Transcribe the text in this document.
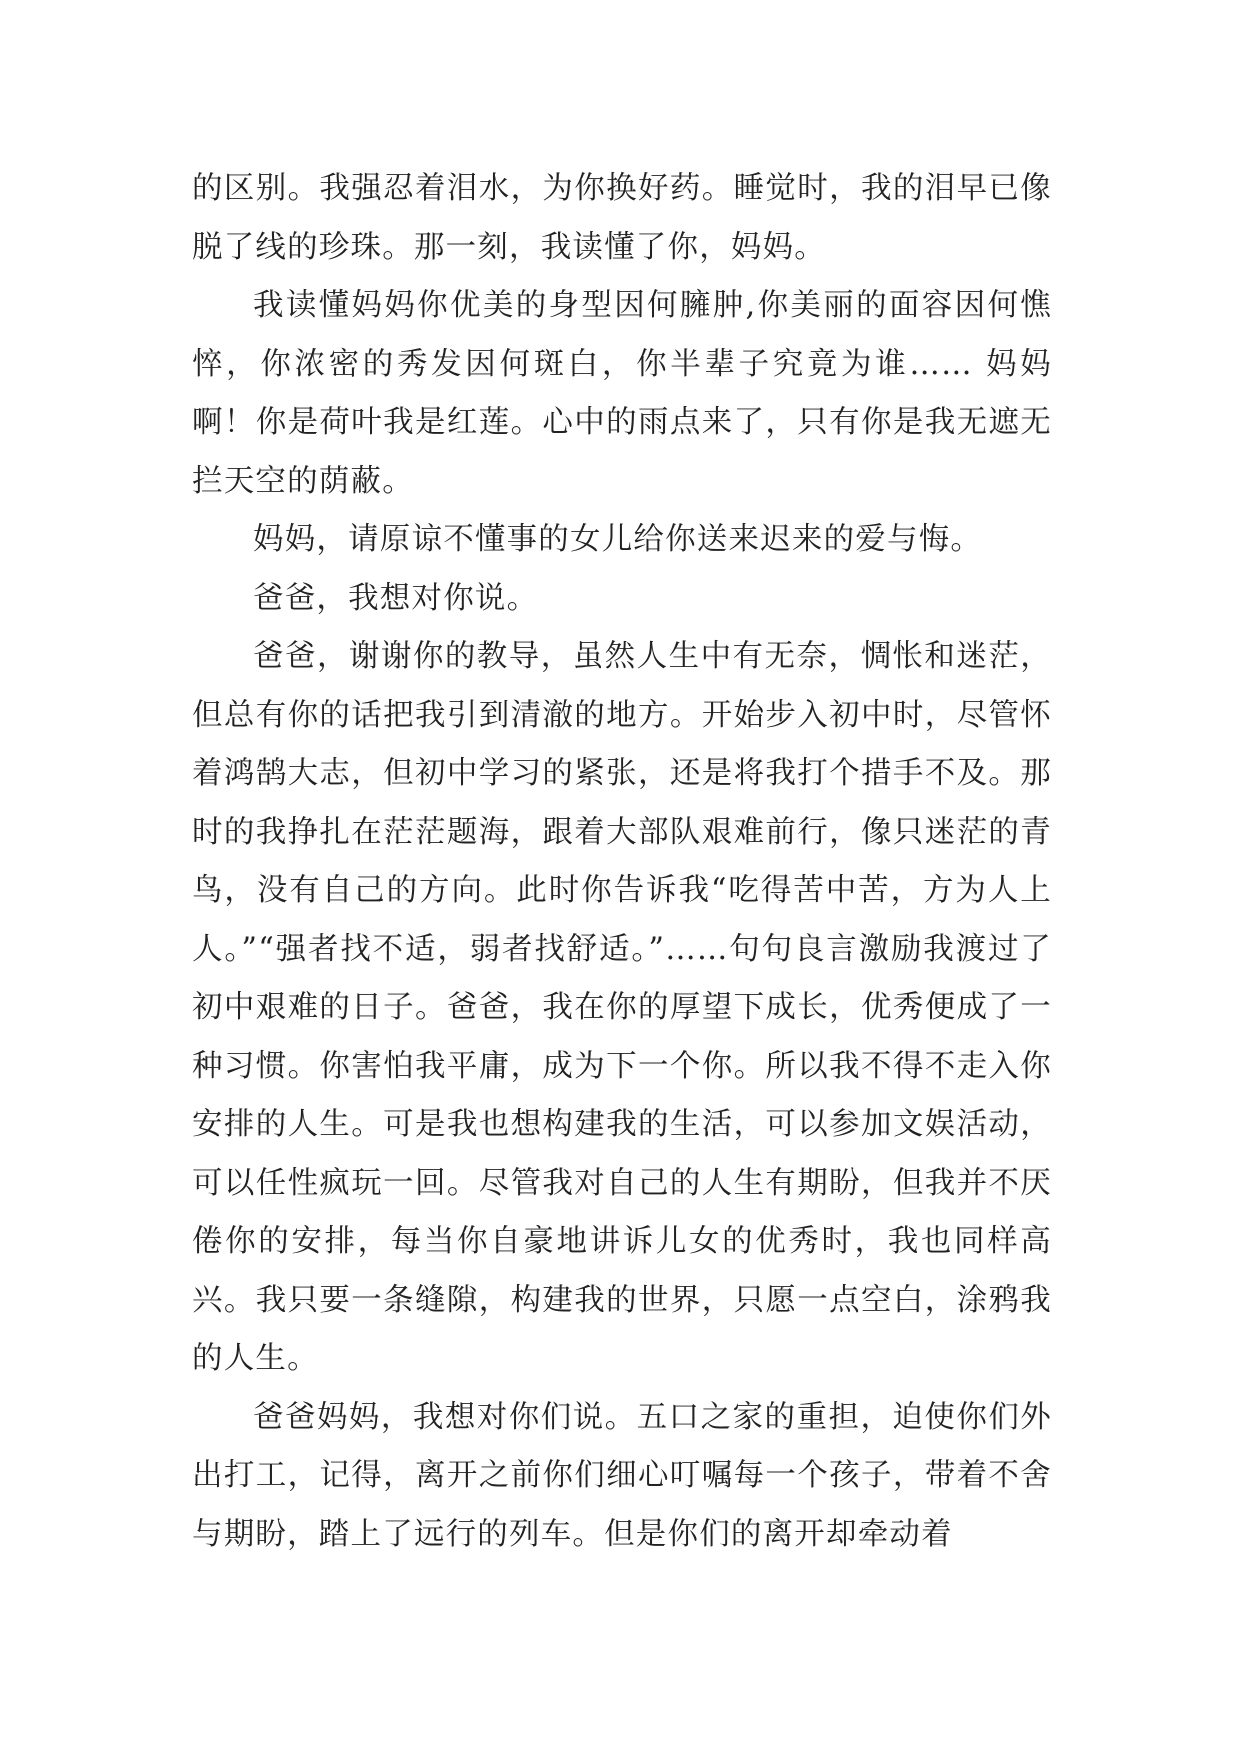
的区别。我强忍着泪水，为你换好药。睡觉时，我的泪早已像脱了线的珍珠。那一刻，我读懂了你，妈妈。

我读懂妈妈你优美的身型因何臃肿,你美丽的面容因何憔悴，你浓密的秀发因何斑白，你半辈子究竟为谁…… 妈妈啊！你是荷叶我是红莲。心中的雨点来了，只有你是我无遮无拦天空的荫蔽。

妈妈，请原谅不懂事的女儿给你送来迟来的爱与悔。

爸爸，我想对你说。

爸爸，谢谢你的教导，虽然人生中有无奈，惆怅和迷茫，但总有你的话把我引到清澈的地方。开始步入初中时，尽管怀着鸿鹄大志，但初中学习的紧张，还是将我打个措手不及。那时的我挣扎在茫茫题海，跟着大部队艰难前行，像只迷茫的青鸟，没有自己的方向。此时你告诉我“吃得苦中苦，方为人上人。”“强者找不适，弱者找舒适。”……句句良言激励我渡过了初中艰难的日子。爸爸，我在你的厚望下成长，优秀便成了一种习惯。你害怕我平庸，成为下一个你。所以我不得不走入你安排的人生。可是我也想构建我的生活，可以参加文娱活动，可以任性疯玩一回。尽管我对自己的人生有期盼，但我并不厌倦你的安排，每当你自豪地讲诉儿女的优秀时，我也同样高兴。我只要一条缝隙，构建我的世界，只愿一点空白，涂鸦我的人生。

爸爸妈妈，我想对你们说。五口之家的重担，迫使你们外出打工，记得，离开之前你们细心叮嘱每一个孩子，带着不舍与期盼，踏上了远行的列车。但是你们的离开却牵动着
